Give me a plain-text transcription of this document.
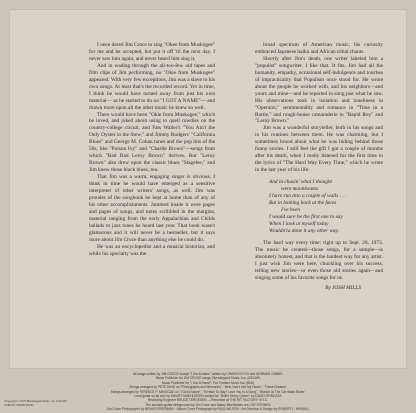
I once dared Jim Croce to sing "Okee from Muskogee" for me and he accepted, but put it off 'til the next day. I never saw him again, and never heard him sing it.

And in wading through the all-too-few old tapes and film clips of Jim performing, no "Okie from Muskogee" appeared. With very few exceptions, Jim was a slave to his own songs. At least that's the recorded record. Yet in time, I think he would have turned away from just his own material— as he started to do on "I GOT A NAME"— and drawn more upon all the other music he knew so well.

There would have been "Okie from Muskogee," which he loved, and joked about using to quell rowdies on the country-college circuit, and Fats Waller's "You Ain't the Only Oyster in the Stew," and Jimmy Rodgers' "California Blues" and George M. Cohan tunes and the pop hits of the 50s, like "Poison Ivy" and "Charlie Brown"—songs from which "Bad Bad Leroy Brown" derives. But "Leroy Brown" also drew upon the classic blues "Stagelee," and Jim knew those black blues, too.

That Jim was a warm, engaging singer is obvious. I think in time he would have emerged as a sensitive interpreter of other writers' songs, as well. Jim was prouder of the songbook he kept at home than of any of his other accomplishments. Jammed inside it were pages and pages of songs, and notes scribbled in the margins, material ranging from the early Appalachian and Childs ballads to jazz tunes he heard last year. That book wasn't glamorous and it will never be a bestseller, but it says more about Jim Croce than anything else he could do.

He was an encyclopedist and a musical historian, and while his specialty was the

broad spectrum of American music, his curiosity embraced Japanese haiku and African tribal chants.

Shortly after Jim's death, one writer labeled him a "populist" songwriter. I like that. It fits. Jim had all the humanity, empathy, occasional self-indulgence and touches of impracticality that Populism once stood for. He wrote about the people he worked with, and his neighbors—and yours and mine—and he reported in song just what he saw. His observations took in isolation and loneliness in "Operator," sentimentality and romance in "Time in a Bottle," and rough-house camaraderie in "Rapid Roy" and "Leroy Brown."

Jim was a wonderful storyteller, both in his songs and in his routines between them. He was charming, but I sometimes brood about what he was hiding behind those funny stories. I still feel the gift I got a couple of months after his death, when I really listened for the first time to the lyrics of "The Hard Way Every Time," which he wrote in the last year of his life:

And in chasin' what I thought
were moonbeams
I have run into a couple of walls . . .
But in looking back at the faces
I've been
I would sure be the first one to say
When I look at myself today
Wouldn'ta done it any other way.

The hard way every time: right up to Sept. 20, 1973. The music he created—those songs, for a sample—is absolutely honest, and that is the hardest way for any artist. I just wish Jim were here, chuckling over his success, telling new stories—or even those old stories again—and singing some of his favorite songs for us.

By JOSH MILLS
All songs written by JIM CROCE except "I Got A Name" written by CHARLES FOX and NORMAN GIMBEL
Music Publisher for JIM CROCE songs: Blendingwell Music, Inc. (ASCAP)
Music Publisher for "I Got A Name": Fox Fanfare Music Inc. (BMI)
Strings arranged by PETE DINO on "Photographs and Memories", "New York's Not My Home", "These Dreams"
Strings arranged by TERENCE P. MINOGUE on "I Got A Name", "I'll Have To Say I Love You In A Song", "Workin' At The Car Wash Blues"
Lead guitar on all cuts by MAURY MUEHLEISEN except for "Roller Derby Queen" by DAVID SPINOZZA
Recording Engineer BRUCE TERGESEN — Recorded at THE HIT FACTORY, N.Y.C.
The acoustic guitar strings used by Jim Croce and Maury Muehleisen are LSR STRINGS
Jim Croce Photographs by BENNO FRIEDMAN · Album Cover Photograph by PAUL WILSON · Art Direction & Design by ROBERT L. HEIMALL
*Copyright © 1976 Blendingwell Music, Inc. (ASCAP)
USED BY PERMISSION
